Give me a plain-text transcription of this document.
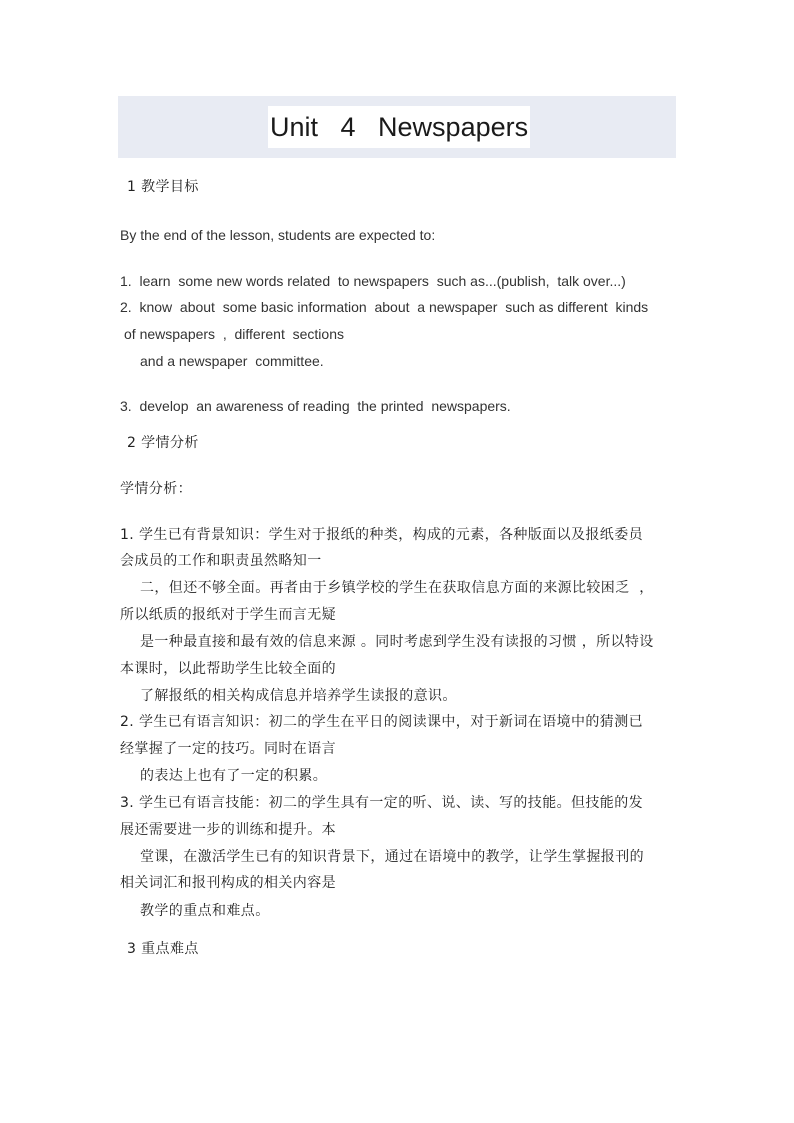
Unit   4   Newspapers
1 教学目标
By the end of the lesson, students are expected to:
1.  learn  some new words related  to newspapers  such as...(publish,  talk over...)
2.  know  about  some basic information  about  a newspaper  such as different  kinds
of newspapers  ,  different  sections
and a newspaper  committee.
3.  develop  an awareness of reading  the printed  newspapers.
2 学情分析
学情分析：
1. 学生已有背景知识：学生对于报纸的种类，构成的元素，各种版面以及报纸委员
会成员的工作和职责虽然略知一
二，但还不够全面。再者由于乡镇学校的学生在获取信息方面的来源比较困乏  ，
所以纸质的报纸对于学生而言无疑
是一种最直接和最有效的信息来源 。同时考虑到学生没有读报的习惯 ，所以特设
本课时，以此帮助学生比较全面的
了解报纸的相关构成信息并培养学生读报的意识。
2. 学生已有语言知识：初二的学生在平日的阅读课中，对于新词在语境中的猜测已
经掌握了一定的技巧。同时在语言
的表达上也有了一定的积累。
3. 学生已有语言技能：初二的学生具有一定的听、说、读、写的技能。但技能的发
展还需要进一步的训练和提升。本
堂课，在激活学生已有的知识背景下，通过在语境中的教学，让学生掌握报刊的
相关词汇和报刊构成的相关内容是
教学的重点和难点。
3 重点难点
